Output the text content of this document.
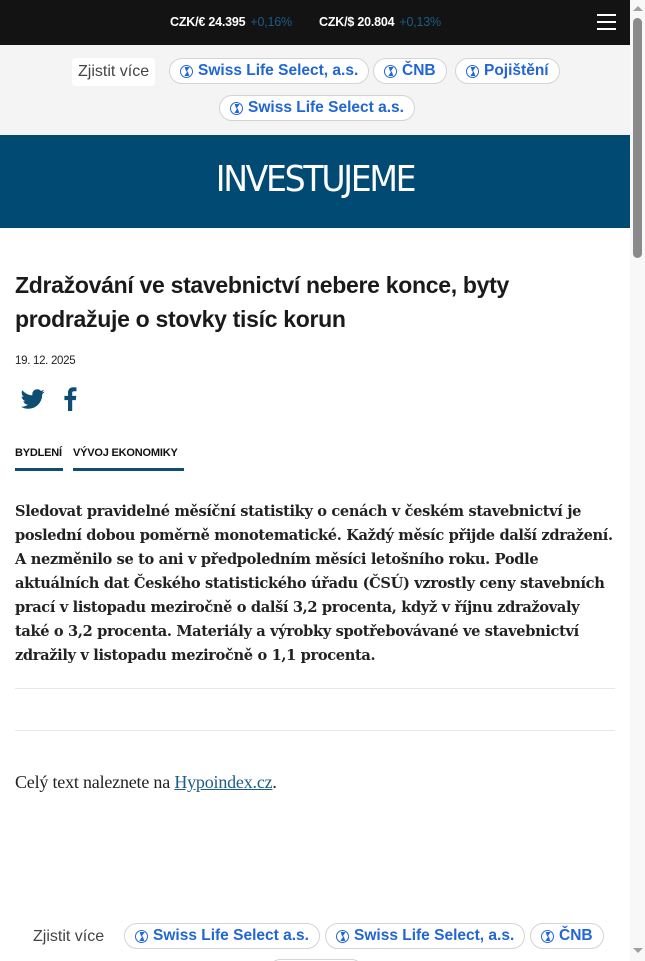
CZK/€ 24.395 +0,16% CZK/$ 20.804 +0,13%
Zjistit více	Swiss Life Select, a.s.	ČNB	Pojištění
Swiss Life Select a.s.
INVESTUJEME
Zdražování ve stavebnictví nebere konce, byty prodražuje o stovky tisíc korun
19. 12. 2025
BYDLENÍ VÝVOJ EKONOMIKY

Sledovat pravidelné měsíční statistiky o cenách v českém stavebnictví je poslední dobou poměrně monotematické. Každý měsíc přijde další zdražení. A nezměnilo se to ani v předpoledním měsíci letošního roku. Podle aktuálních dat Českého statistického úřadu (ČSÚ) vzrostly ceny stavebních prací v listopadu meziročně o další 3,2 procenta, když v říjnu zdražovaly také o 3,2 procenta. Materiály a výrobky spotřebovávané ve stavebnictví zdražily v listopadu meziročně o 1,1 procenta.

Celý text naleznete na Hypoindex.cz.

Zjistit více	Swiss Life Select a.s.	Swiss Life Select, a.s.	ČNB
